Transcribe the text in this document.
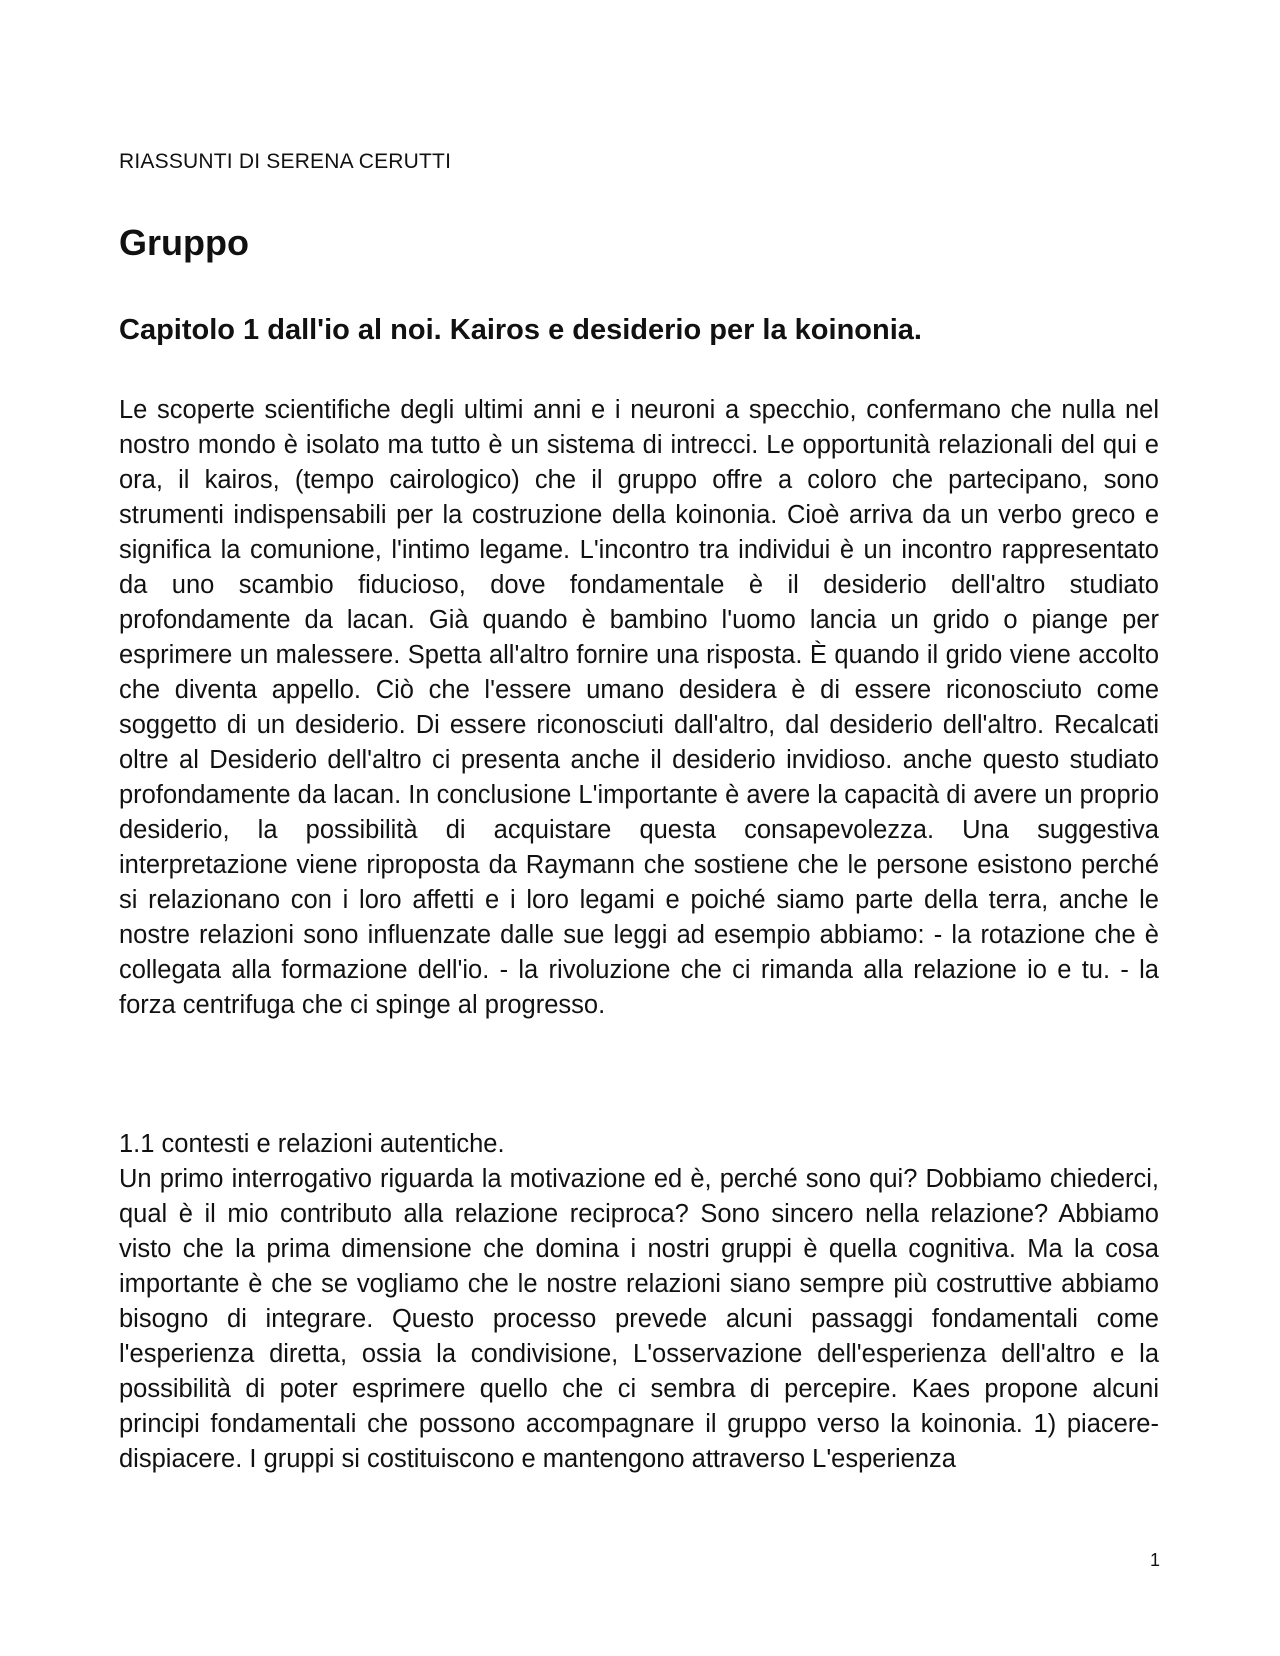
RIASSUNTI DI SERENA CERUTTI

Gruppo
Capitolo 1 dall'io al noi. Kairos e desiderio per la koinonia.

Le scoperte scientifiche degli ultimi anni e i neuroni a specchio, confermano che nulla nel nostro mondo è isolato ma tutto è un sistema di intrecci. Le opportunità relazionali del qui e ora, il kairos, (tempo cairologico) che il gruppo offre a coloro che partecipano, sono strumenti indispensabili per la costruzione della koinonia. Cioè arriva da un verbo greco e significa la comunione, l'intimo legame. L'incontro tra individui è un incontro rappresentato da uno scambio fiducioso, dove fondamentale è il desiderio dell'altro studiato profondamente da lacan. Già quando è bambino l'uomo lancia un grido o piange per esprimere un malessere. Spetta all'altro fornire una risposta. È quando il grido viene accolto che diventa appello. Ciò che l'essere umano desidera è di essere riconosciuto come soggetto di un desiderio. Di essere riconosciuti dall'altro, dal desiderio dell'altro. Recalcati oltre al Desiderio dell'altro ci presenta anche il desiderio invidioso. anche questo studiato profondamente da lacan. In conclusione L'importante è avere la capacità di avere un proprio desiderio, la possibilità di acquistare questa consapevolezza. Una suggestiva interpretazione viene riproposta da Raymann che sostiene che le persone esistono perché si relazionano con i loro affetti e i loro legami e poiché siamo parte della terra, anche le nostre relazioni sono influenzate dalle sue leggi ad esempio abbiamo: - la rotazione che è collegata alla formazione dell'io. - la rivoluzione che ci rimanda alla relazione io e tu. - la forza centrifuga che ci spinge al progresso.

1.1 contesti e relazioni autentiche.

Un primo interrogativo riguarda la motivazione ed è, perché sono qui? Dobbiamo chiederci, qual è il mio contributo alla relazione reciproca? Sono sincero nella relazione? Abbiamo visto che la prima dimensione che domina i nostri gruppi è quella cognitiva. Ma la cosa importante è che se vogliamo che le nostre relazioni siano sempre più costruttive abbiamo bisogno di integrare. Questo processo prevede alcuni passaggi fondamentali come l'esperienza diretta, ossia la condivisione, L'osservazione dell'esperienza dell'altro e la possibilità di poter esprimere quello che ci sembra di percepire. Kaes propone alcuni principi fondamentali che possono accompagnare il gruppo verso la koinonia. 1) piacere-dispiacere. I gruppi si costituiscono e mantengono attraverso L'esperienza

1
